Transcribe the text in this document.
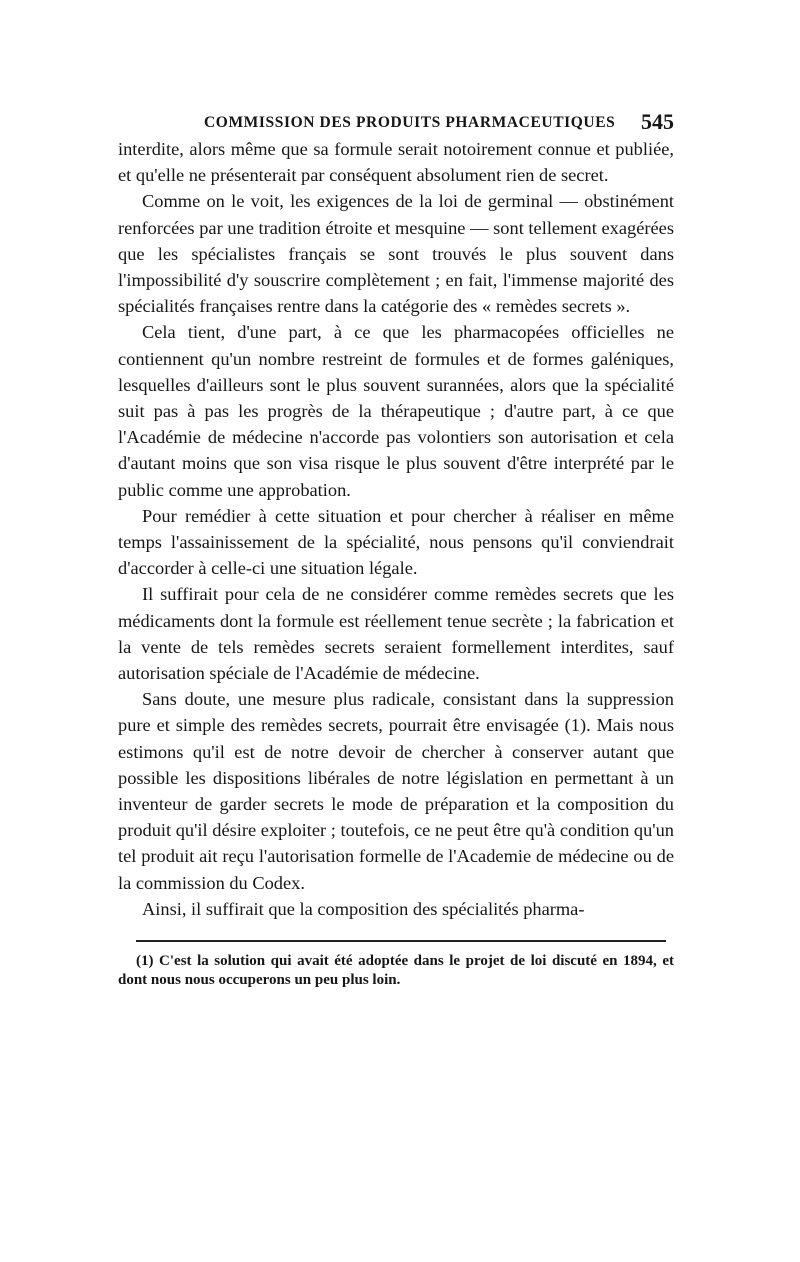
COMMISSION DES PRODUITS PHARMACEUTIQUES 545

interdite, alors même que sa formule serait notoirement connue et publiée, et qu'elle ne présenterait par conséquent absolument rien de secret.

Comme on le voit, les exigences de la loi de germinal — obstinément renforcées par une tradition étroite et mesquine — sont tellement exagérées que les spécialistes français se sont trouvés le plus souvent dans l'impossibilité d'y souscrire complètement ; en fait, l'immense majorité des spécialités françaises rentre dans la catégorie des « remèdes secrets ».

Cela tient, d'une part, à ce que les pharmacopées officielles ne contiennent qu'un nombre restreint de formules et de formes galéniques, lesquelles d'ailleurs sont le plus souvent surannées, alors que la spécialité suit pas à pas les progrès de la thérapeutique ; d'autre part, à ce que l'Académie de médecine n'accorde pas volontiers son autorisation et cela d'autant moins que son visa risque le plus souvent d'être interprété par le public comme une approbation.

Pour remédier à cette situation et pour chercher à réaliser en même temps l'assainissement de la spécialité, nous pensons qu'il conviendrait d'accorder à celle-ci une situation légale.

Il suffirait pour cela de ne considérer comme remèdes secrets que les médicaments dont la formule est réellement tenue secrète ; la fabrication et la vente de tels remèdes secrets seraient formellement interdites, sauf autorisation spéciale de l'Académie de médecine.

Sans doute, une mesure plus radicale, consistant dans la suppression pure et simple des remèdes secrets, pourrait être envisagée (1). Mais nous estimons qu'il est de notre devoir de chercher à conserver autant que possible les dispositions libérales de notre législation en permettant à un inventeur de garder secrets le mode de préparation et la composition du produit qu'il désire exploiter ; toutefois, ce ne peut être qu'à condition qu'un tel produit ait reçu l'autorisation formelle de l'Academie de médecine ou de la commission du Codex.

Ainsi, il suffirait que la composition des spécialités pharma-

(1) C'est la solution qui avait été adoptée dans le projet de loi discuté en 1894, et dont nous nous occuperons un peu plus loin.
